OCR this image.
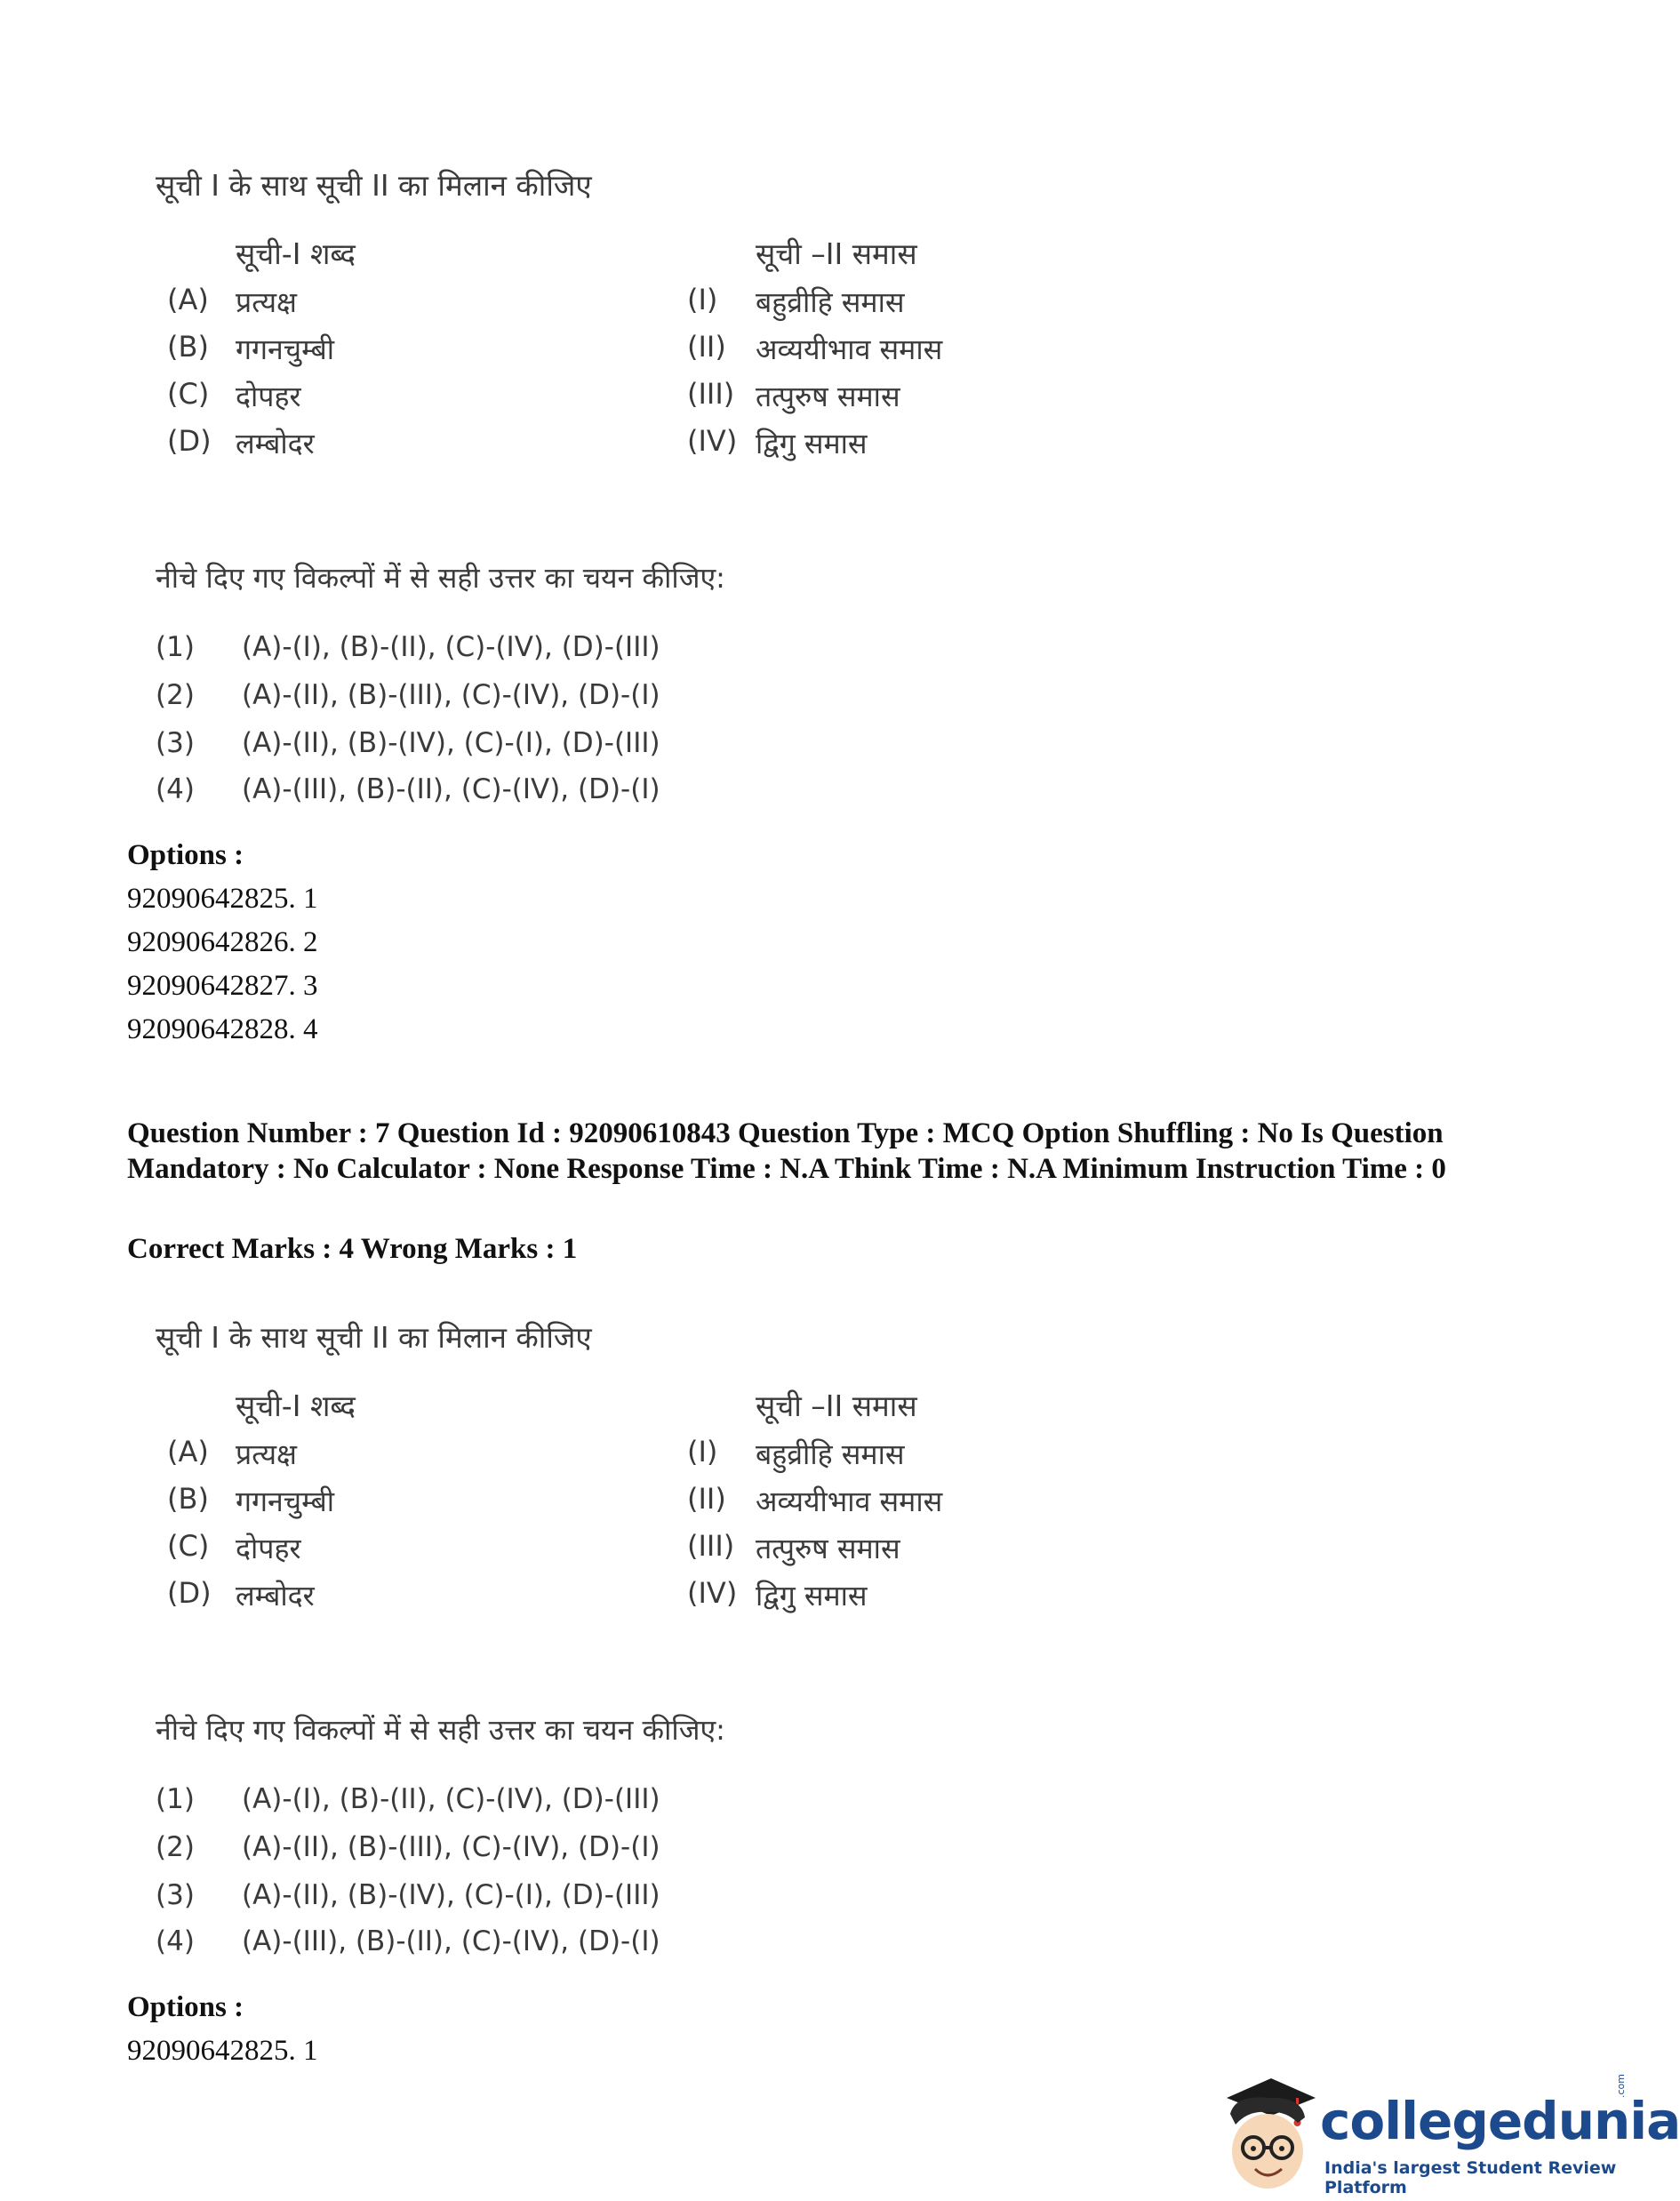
सूची I के साथ सूची II का मिलान कीजिए
सूची-I शब्द	सूची –II समास
(A) प्रत्यक्ष	(I) बहुव्रीहि समास
(B) गगनचुम्बी	(II) अव्ययीभाव समास
(C) दोपहर	(III) तत्पुरुष समास
(D) लम्बोदर	(IV) द्विगु समास
नीचे दिए गए विकल्पों में से सही उत्तर का चयन कीजिए:
(1) (A)-(I), (B)-(II), (C)-(IV), (D)-(III)
(2) (A)-(II), (B)-(III), (C)-(IV), (D)-(I)
(3) (A)-(II), (B)-(IV), (C)-(I), (D)-(III)
(4) (A)-(III), (B)-(II), (C)-(IV), (D)-(I)
Options :
92090642825. 1
92090642826. 2
92090642827. 3
92090642828. 4
Question Number : 7 Question Id : 92090610843 Question Type : MCQ Option Shuffling : No Is Question Mandatory : No Calculator : None Response Time : N.A Think Time : N.A Minimum Instruction Time : 0
Correct Marks : 4 Wrong Marks : 1
सूची I के साथ सूची II का मिलान कीजिए
सूची-I शब्द	सूची –II समास
(A) प्रत्यक्ष	(I) बहुव्रीहि समास
(B) गगनचुम्बी	(II) अव्ययीभाव समास
(C) दोपहर	(III) तत्पुरुष समास
(D) लम्बोदर	(IV) द्विगु समास
नीचे दिए गए विकल्पों में से सही उत्तर का चयन कीजिए:
(1) (A)-(I), (B)-(II), (C)-(IV), (D)-(III)
(2) (A)-(II), (B)-(III), (C)-(IV), (D)-(I)
(3) (A)-(II), (B)-(IV), (C)-(I), (D)-(III)
(4) (A)-(III), (B)-(II), (C)-(IV), (D)-(I)
Options :
92090642825. 1
collegedunia
.com
India's largest Student Review Platform
